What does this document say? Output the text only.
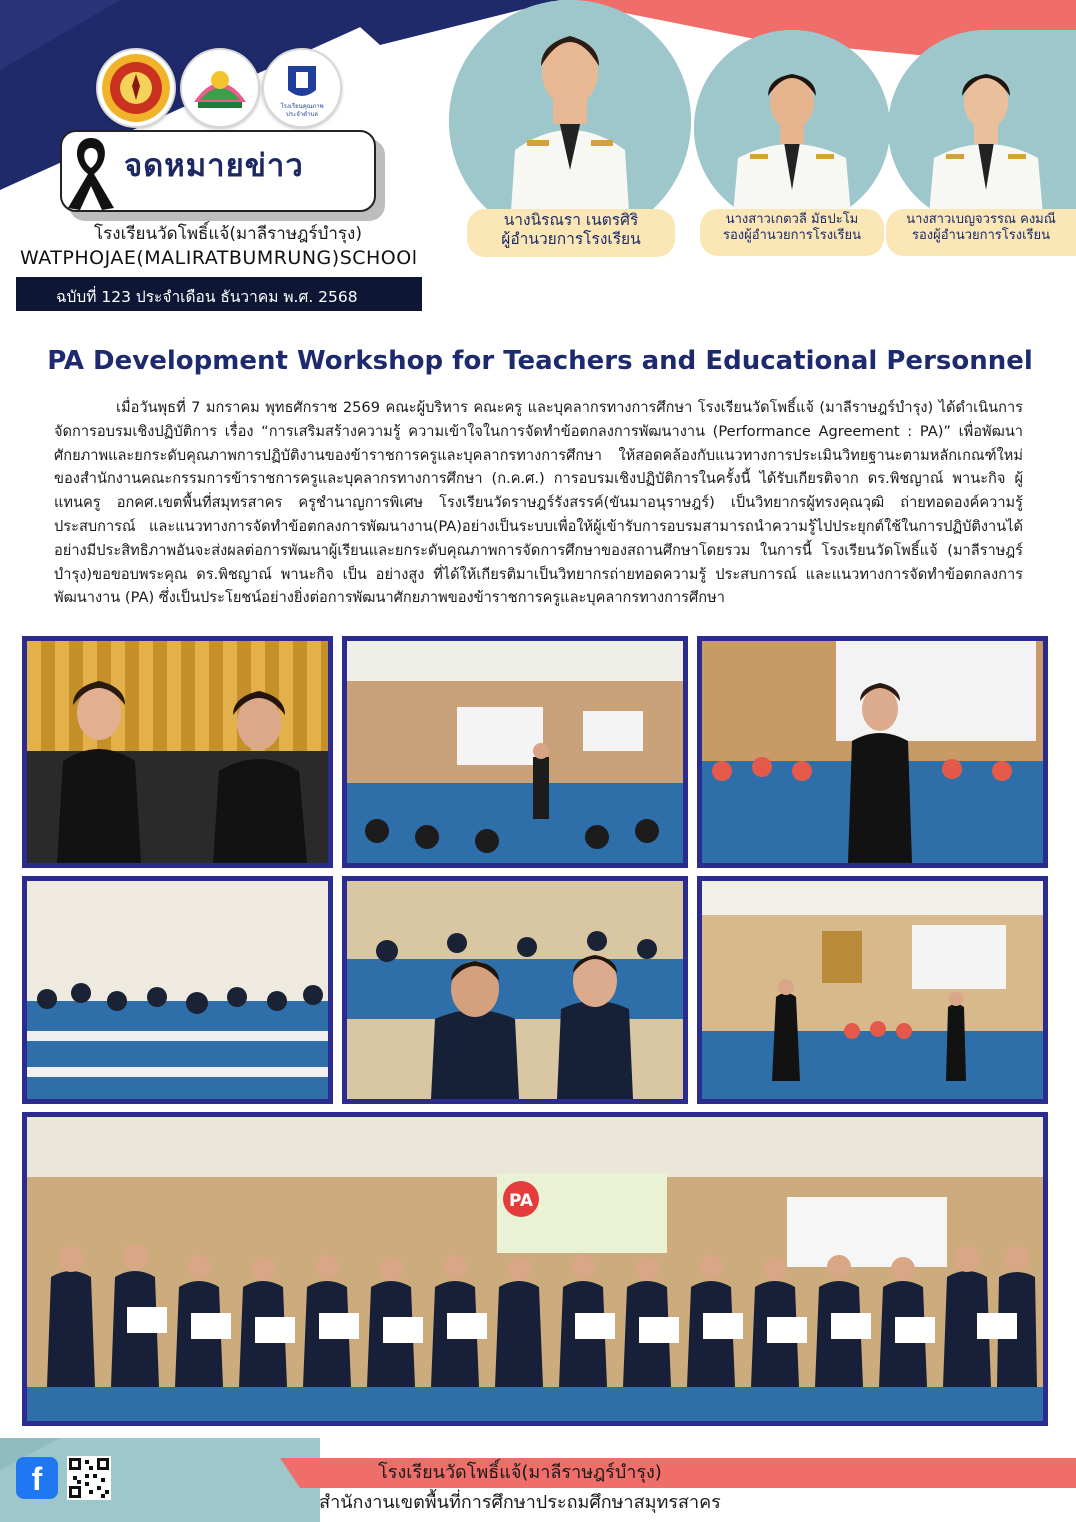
โรงเรียนคุณภาพ
ประจำตำบล
จดหมายข่าว
โรงเรียนวัดโพธิ์แจ้(มาลีราษฎร์บำรุง)
WATPHOJAE(MALIRATBUMRUNG)SCHOOl
ฉบับที่ 123 ประจำเดือน ธันวาคม พ.ศ. 2568
นางนิรณรา เนตรศิริ
ผู้อำนวยการโรงเรียน
นางสาวเกตวลี มัธปะโม
รองผู้อำนวยการโรงเรียน
นางสาวเบญจวรรณ คงมณี
รองผู้อำนวยการโรงเรียน
PA Development Workshop for Teachers and Educational Personnel
เมื่อวันพุธที่ 7 มกราคม พุทธศักราช 2569 คณะผู้บริหาร คณะครู และบุคลากรทางการศึกษา โรงเรียนวัดโพธิ์แจ้ (มาลีราษฎร์บำรุง) ได้ดำเนินการจัดการอบรมเชิงปฏิบัติการ เรื่อง “การเสริมสร้างความรู้ ความเข้าใจในการจัดทำข้อตกลงการพัฒนางาน (Performance Agreement : PA)” เพื่อพัฒนาศักยภาพและยกระดับคุณภาพการปฏิบัติงานของข้าราชการครูและบุคลากรทางการศึกษา ให้สอดคล้องกับแนวทางการประเมินวิทยฐานะตามหลักเกณฑ์ใหม่ของสำนักงานคณะกรรมการข้าราชการครูและบุคลากรทางการศึกษา (ก.ค.ศ.) การอบรมเชิงปฏิบัติการในครั้งนี้ ได้รับเกียรติจาก ดร.พิชญาณ์ พานะกิจ ผู้แทนครู อกคศ.เขตพื้นที่สมุทรสาคร ครูชำนาญการพิเศษ โรงเรียนวัดราษฎร์รังสรรค์(ขันมาอนุราษฎร์) เป็นวิทยากรผู้ทรงคุณวุฒิ ถ่ายทอดองค์ความรู้ ประสบการณ์ และแนวทางการจัดทำข้อตกลงการพัฒนางาน(PA)อย่างเป็นระบบเพื่อให้ผู้เข้ารับการอบรมสามารถนำความรู้ไปประยุกต์ใช้ในการปฏิบัติงานได้อย่างมีประสิทธิภาพอันจะส่งผลต่อการพัฒนาผู้เรียนและยกระดับคุณภาพการจัดการศึกษาของสถานศึกษาโดยรวม ในการนี้ โรงเรียนวัดโพธิ์แจ้ (มาลีราษฎร์บำรุง)ขอขอบพระคุณ ดร.พิชญาณ์ พานะกิจ เป็น อย่างสูง ที่ได้ให้เกียรติมาเป็นวิทยากรถ่ายทอดความรู้ ประสบการณ์ และแนวทางการจัดทำข้อตกลงการพัฒนางาน (PA) ซึ่งเป็นประโยชน์อย่างยิ่งต่อการพัฒนาศักยภาพของข้าราชการครูและบุคลากรทางการศึกษา
PA
f	โรงเรียนวัดโพธิ์แจ้(มาลีราษฎร์บำรุง)
สำนักงานเขตพื้นที่การศึกษาประถมศึกษาสมุทรสาคร
